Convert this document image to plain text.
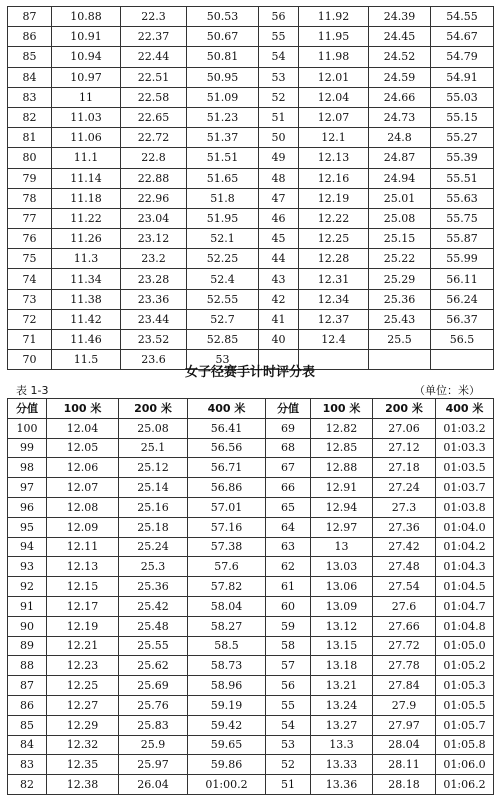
87	10.88	22.3	50.53	56	11.92	24.39	54.55
86	10.91	22.37	50.67	55	11.95	24.45	54.67
85	10.94	22.44	50.81	54	11.98	24.52	54.79
84	10.97	22.51	50.95	53	12.01	24.59	54.91
83	11	22.58	51.09	52	12.04	24.66	55.03
82	11.03	22.65	51.23	51	12.07	24.73	55.15
81	11.06	22.72	51.37	50	12.1	24.8	55.27
80	11.1	22.8	51.51	49	12.13	24.87	55.39
79	11.14	22.88	51.65	48	12.16	24.94	55.51
78	11.18	22.96	51.8	47	12.19	25.01	55.63
77	11.22	23.04	51.95	46	12.22	25.08	55.75
76	11.26	23.12	52.1	45	12.25	25.15	55.87
75	11.3	23.2	52.25	44	12.28	25.22	55.99
74	11.34	23.28	52.4	43	12.31	25.29	56.11
73	11.38	23.36	52.55	42	12.34	25.36	56.24
72	11.42	23.44	52.7	41	12.37	25.43	56.37
71	11.46	23.52	52.85	40	12.4	25.5	56.5
70	11.5	23.6	53				
女子径赛手计时评分表
表 1-3	（单位：米）
分值	100 米	200 米	400 米	分值	100 米	200 米	400 米
100	12.04	25.08	56.41	69	12.82	27.06	01:03.2
99	12.05	25.1	56.56	68	12.85	27.12	01:03.3
98	12.06	25.12	56.71	67	12.88	27.18	01:03.5
97	12.07	25.14	56.86	66	12.91	27.24	01:03.7
96	12.08	25.16	57.01	65	12.94	27.3	01:03.8
95	12.09	25.18	57.16	64	12.97	27.36	01:04.0
94	12.11	25.24	57.38	63	13	27.42	01:04.2
93	12.13	25.3	57.6	62	13.03	27.48	01:04.3
92	12.15	25.36	57.82	61	13.06	27.54	01:04.5
91	12.17	25.42	58.04	60	13.09	27.6	01:04.7
90	12.19	25.48	58.27	59	13.12	27.66	01:04.8
89	12.21	25.55	58.5	58	13.15	27.72	01:05.0
88	12.23	25.62	58.73	57	13.18	27.78	01:05.2
87	12.25	25.69	58.96	56	13.21	27.84	01:05.3
86	12.27	25.76	59.19	55	13.24	27.9	01:05.5
85	12.29	25.83	59.42	54	13.27	27.97	01:05.7
84	12.32	25.9	59.65	53	13.3	28.04	01:05.8
83	12.35	25.97	59.86	52	13.33	28.11	01:06.0
82	12.38	26.04	01:00.2	51	13.36	28.18	01:06.2
